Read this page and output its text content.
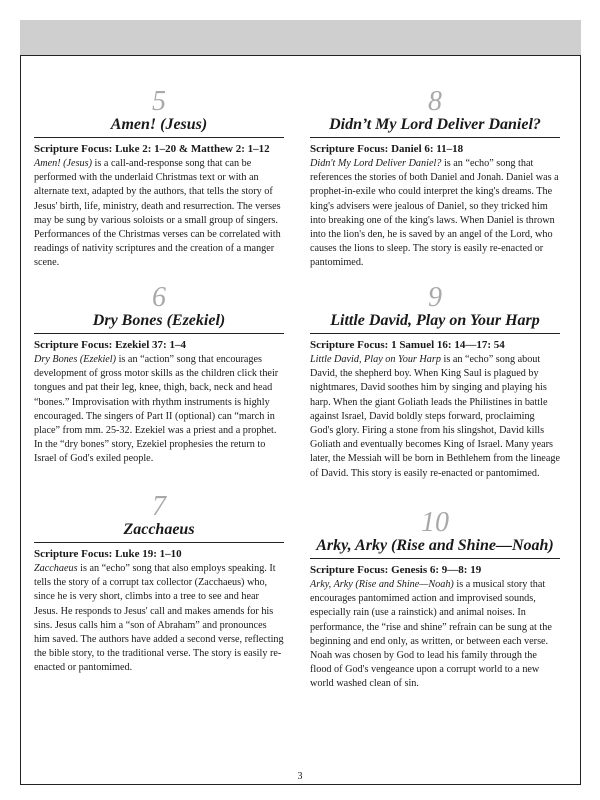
5
Amen! (Jesus)
Scripture Focus: Luke 2: 1–20 & Matthew 2: 1–12
Amen! (Jesus) is a call-and-response song that can be performed with the underlaid Christmas text or with an alternate text, adapted by the authors, that tells the story of Jesus' birth, life, ministry, death and resurrection. The verses may be sung by various soloists or a small group of singers. Performances of the Christmas verses can be correlated with readings of nativity scriptures and the creation of a manger scene.
6
Dry Bones (Ezekiel)
Scripture Focus: Ezekiel 37: 1–4
Dry Bones (Ezekiel) is an “action” song that encourages development of gross motor skills as the children click their tongues and pat their leg, knee, thigh, back, neck and head “bones.” Improvisation with rhythm instruments is highly encouraged. The singers of Part II (optional) can “march in place” from mm. 25-32. Ezekiel was a priest and a prophet. In the “dry bones” story, Ezekiel prophesies the return to Israel of God's exiled people.
7
Zacchaeus
Scripture Focus: Luke 19: 1–10
Zacchaeus is an “echo” song that also employs speaking. It tells the story of a corrupt tax collector (Zacchaeus) who, since he is very short, climbs into a tree to see and hear Jesus. He responds to Jesus' call and makes amends for his sins. Jesus calls him a “son of Abraham” and pronounces him saved. The authors have added a second verse, reflecting the bible story, to the traditional verse. The story is easily re-enacted or pantomimed.
8
Didn’t My Lord Deliver Daniel?
Scripture Focus: Daniel 6: 11–18
Didn't My Lord Deliver Daniel? is an “echo” song that references the stories of both Daniel and Jonah. Daniel was a prophet-in-exile who could interpret the king's dreams. The king's advisers were jealous of Daniel, so they tricked him into breaking one of the king's laws. When Daniel is thrown into the lion's den, he is saved by an angel of the Lord, who causes the lions to sleep. The story is easily re-enacted or pantomimed.
9
Little David, Play on Your Harp
Scripture Focus: 1 Samuel 16: 14—17: 54
Little David, Play on Your Harp is an “echo” song about David, the shepherd boy. When King Saul is plagued by nightmares, David soothes him by singing and playing his harp. When the giant Goliath leads the Philistines in battle against Israel, David boldly steps forward, proclaiming God's glory. Firing a stone from his slingshot, David kills Goliath and eventually becomes King of Israel. Many years later, the Messiah will be born in Bethlehem from the lineage of David. This story is easily re-enacted or pantomimed.
10
Arky, Arky (Rise and Shine—Noah)
Scripture Focus: Genesis 6: 9—8: 19
Arky, Arky (Rise and Shine—Noah) is a musical story that encourages pantomimed action and improvised sounds, especially rain (use a rainstick) and animal noises. In performance, the “rise and shine” refrain can be sung at the beginning and end only, as written, or between each verse. Noah was chosen by God to lead his family through the flood of God's vengeance upon a corrupt world to a new world washed clean of sin.
3
